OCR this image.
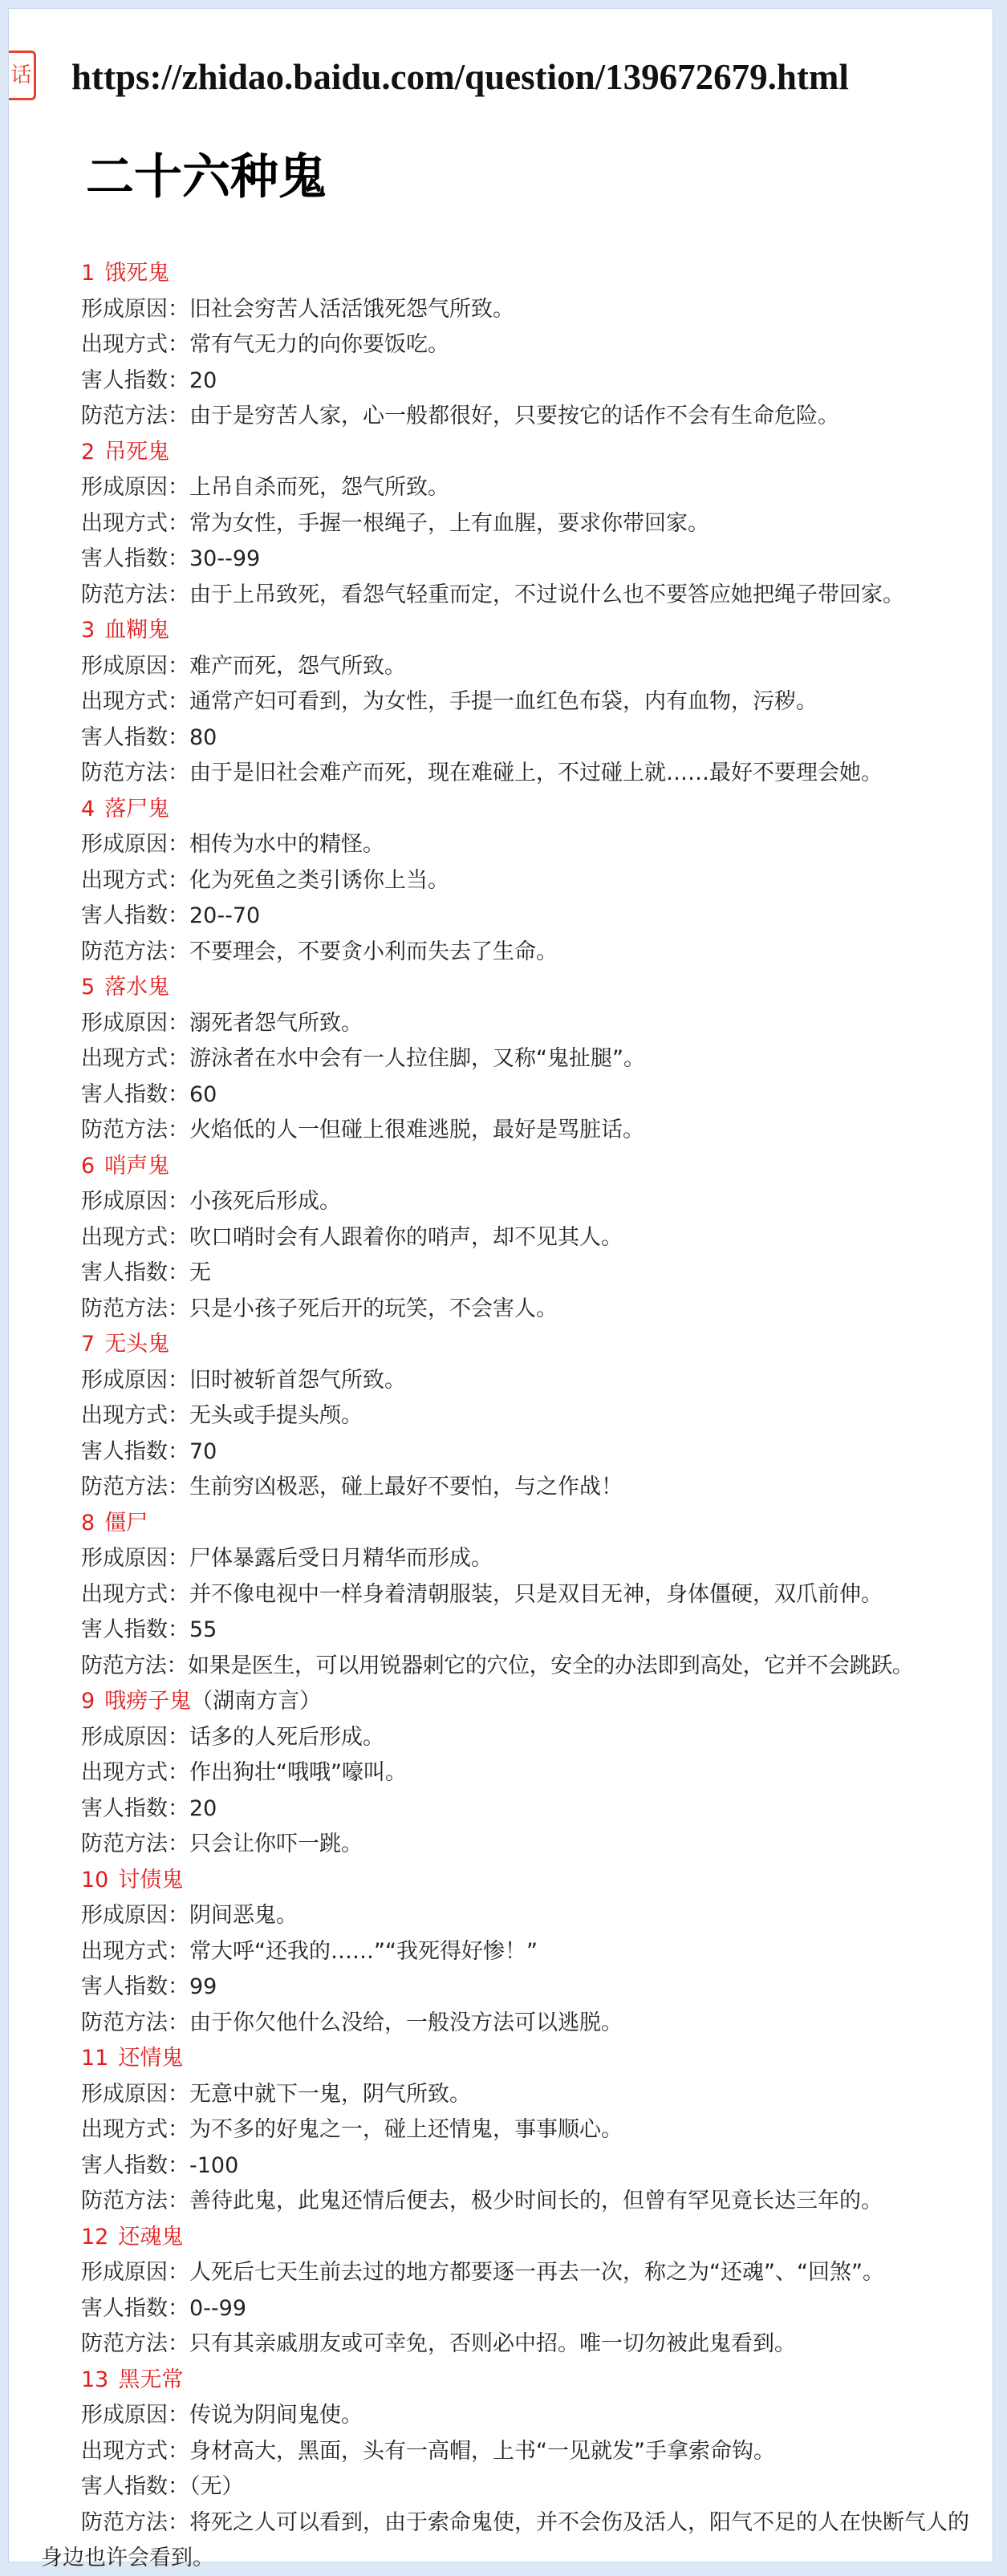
话 https://zhidao.baidu.com/question/139672679.html
二十六种鬼
1 饿死鬼
形成原因：旧社会穷苦人活活饿死怨气所致。
出现方式：常有气无力的向你要饭吃。
害人指数：20
防范方法：由于是穷苦人家，心一般都很好，只要按它的话作不会有生命危险。
2 吊死鬼
形成原因：上吊自杀而死，怨气所致。
出现方式：常为女性，手握一根绳子，上有血腥，要求你带回家。
害人指数：30--99
防范方法：由于上吊致死，看怨气轻重而定，不过说什么也不要答应她把绳子带回家。
3 血糊鬼
形成原因：难产而死，怨气所致。
出现方式：通常产妇可看到，为女性，手提一血红色布袋，内有血物，污秽。
害人指数：80
防范方法：由于是旧社会难产而死，现在难碰上，不过碰上就……最好不要理会她。
4 落尸鬼
形成原因：相传为水中的精怪。
出现方式：化为死鱼之类引诱你上当。
害人指数：20--70
防范方法：不要理会，不要贪小利而失去了生命。
5 落水鬼
形成原因：溺死者怨气所致。
出现方式：游泳者在水中会有一人拉住脚，又称“鬼扯腿”。
害人指数：60
防范方法：火焰低的人一但碰上很难逃脱，最好是骂脏话。
6 哨声鬼
形成原因：小孩死后形成。
出现方式：吹口哨时会有人跟着你的哨声，却不见其人。
害人指数：无
防范方法：只是小孩子死后开的玩笑，不会害人。
7 无头鬼
形成原因：旧时被斩首怨气所致。
出现方式：无头或手提头颅。
害人指数：70
防范方法：生前穷凶极恶，碰上最好不要怕，与之作战！
8 僵尸
形成原因：尸体暴露后受日月精华而形成。
出现方式：并不像电视中一样身着清朝服装，只是双目无神，身体僵硬，双爪前伸。
害人指数：55
防范方法：如果是医生，可以用锐器刺它的穴位，安全的办法即到高处，它并不会跳跃。
9 哦痨子鬼（湖南方言）
形成原因：话多的人死后形成。
出现方式：作出狗壮“哦哦”嚎叫。
害人指数：20
防范方法：只会让你吓一跳。
10 讨债鬼
形成原因：阴间恶鬼。
出现方式：常大呼“还我的……”“我死得好惨！”
害人指数：99
防范方法：由于你欠他什么没给，一般没方法可以逃脱。
11 还情鬼
形成原因：无意中就下一鬼，阴气所致。
出现方式：为不多的好鬼之一，碰上还情鬼，事事顺心。
害人指数：-100
防范方法：善待此鬼，此鬼还情后便去，极少时间长的，但曾有罕见竟长达三年的。
12 还魂鬼
形成原因：人死后七天生前去过的地方都要逐一再去一次，称之为“还魂”、“回煞”。
害人指数：0--99
防范方法：只有其亲戚朋友或可幸免，否则必中招。唯一切勿被此鬼看到。
13 黑无常
形成原因：传说为阴间鬼使。
出现方式：身材高大，黑面，头有一高帽，上书“一见就发”手拿索命钩。
害人指数：（无）
防范方法：将死之人可以看到，由于索命鬼使，并不会伤及活人，阳气不足的人在快断气人的身边也许会看到。
